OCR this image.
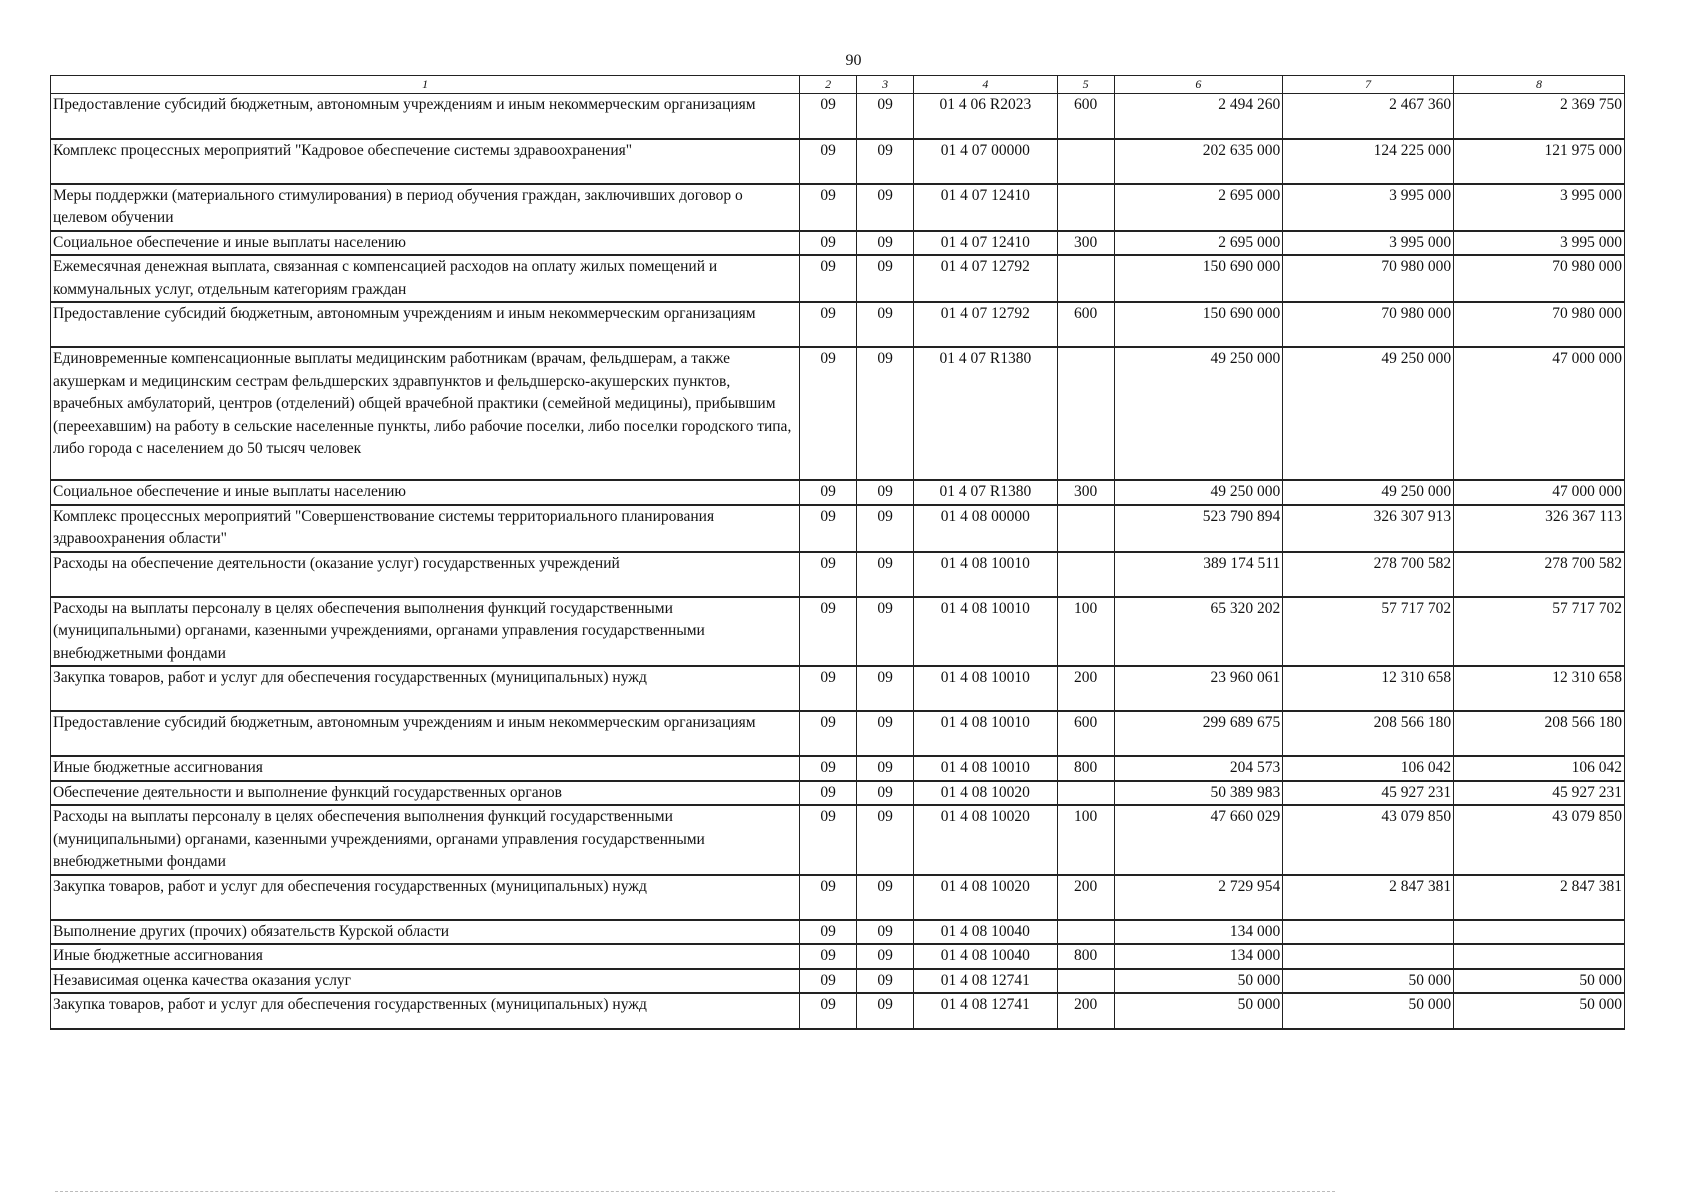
90
1	2	3	4	5	6	7	8
Предоставление субсидий бюджетным, автономным учреждениям и иным некоммерческим организациям	09	09	01 4 06 R2023	600	2 494 260	2 467 360	2 369 750
Комплекс процессных мероприятий "Кадровое обеспечение системы здравоохранения"	09	09	01 4 07 00000		202 635 000	124 225 000	121 975 000
Меры поддержки (материального стимулирования) в период обучения граждан, заключивших договор о целевом обучении	09	09	01 4 07 12410		2 695 000	3 995 000	3 995 000
Социальное обеспечение и иные выплаты населению	09	09	01 4 07 12410	300	2 695 000	3 995 000	3 995 000
Ежемесячная денежная выплата, связанная с компенсацией расходов на оплату жилых помещений и коммунальных услуг, отдельным категориям граждан	09	09	01 4 07 12792		150 690 000	70 980 000	70 980 000
Предоставление субсидий бюджетным, автономным учреждениям и иным некоммерческим организациям	09	09	01 4 07 12792	600	150 690 000	70 980 000	70 980 000
Единовременные компенсационные выплаты медицинским работникам (врачам, фельдшерам, а также акушеркам и медицинским сестрам фельдшерских здравпунктов и фельдшерско-акушерских пунктов, врачебных амбулаторий, центров (отделений) общей врачебной практики (семейной медицины), прибывшим (переехавшим) на работу в сельские населенные пункты, либо рабочие поселки, либо поселки городского типа, либо города с населением до 50 тысяч человек	09	09	01 4 07 R1380		49 250 000	49 250 000	47 000 000
Социальное обеспечение и иные выплаты населению	09	09	01 4 07 R1380	300	49 250 000	49 250 000	47 000 000
Комплекс процессных мероприятий "Совершенствование системы территориального планирования здравоохранения области"	09	09	01 4 08 00000		523 790 894	326 307 913	326 367 113
Расходы на обеспечение деятельности (оказание услуг) государственных учреждений	09	09	01 4 08 10010		389 174 511	278 700 582	278 700 582
Расходы на выплаты персоналу в целях обеспечения выполнения функций государственными (муниципальными) органами, казенными учреждениями, органами управления государственными внебюджетными фондами	09	09	01 4 08 10010	100	65 320 202	57 717 702	57 717 702
Закупка товаров, работ и услуг для обеспечения государственных (муниципальных) нужд	09	09	01 4 08 10010	200	23 960 061	12 310 658	12 310 658
Предоставление субсидий бюджетным, автономным учреждениям и иным некоммерческим организациям	09	09	01 4 08 10010	600	299 689 675	208 566 180	208 566 180
Иные бюджетные ассигнования	09	09	01 4 08 10010	800	204 573	106 042	106 042
Обеспечение деятельности и выполнение функций государственных органов	09	09	01 4 08 10020		50 389 983	45 927 231	45 927 231
Расходы на выплаты персоналу в целях обеспечения выполнения функций государственными (муниципальными) органами, казенными учреждениями, органами управления государственными внебюджетными фондами	09	09	01 4 08 10020	100	47 660 029	43 079 850	43 079 850
Закупка товаров, работ и услуг для обеспечения государственных (муниципальных) нужд	09	09	01 4 08 10020	200	2 729 954	2 847 381	2 847 381
Выполнение других (прочих) обязательств Курской области	09	09	01 4 08 10040		134 000		
Иные бюджетные ассигнования	09	09	01 4 08 10040	800	134 000		
Независимая оценка качества оказания услуг	09	09	01 4 08 12741		50 000	50 000	50 000
Закупка товаров, работ и услуг для обеспечения государственных (муниципальных) нужд	09	09	01 4 08 12741	200	50 000	50 000	50 000
